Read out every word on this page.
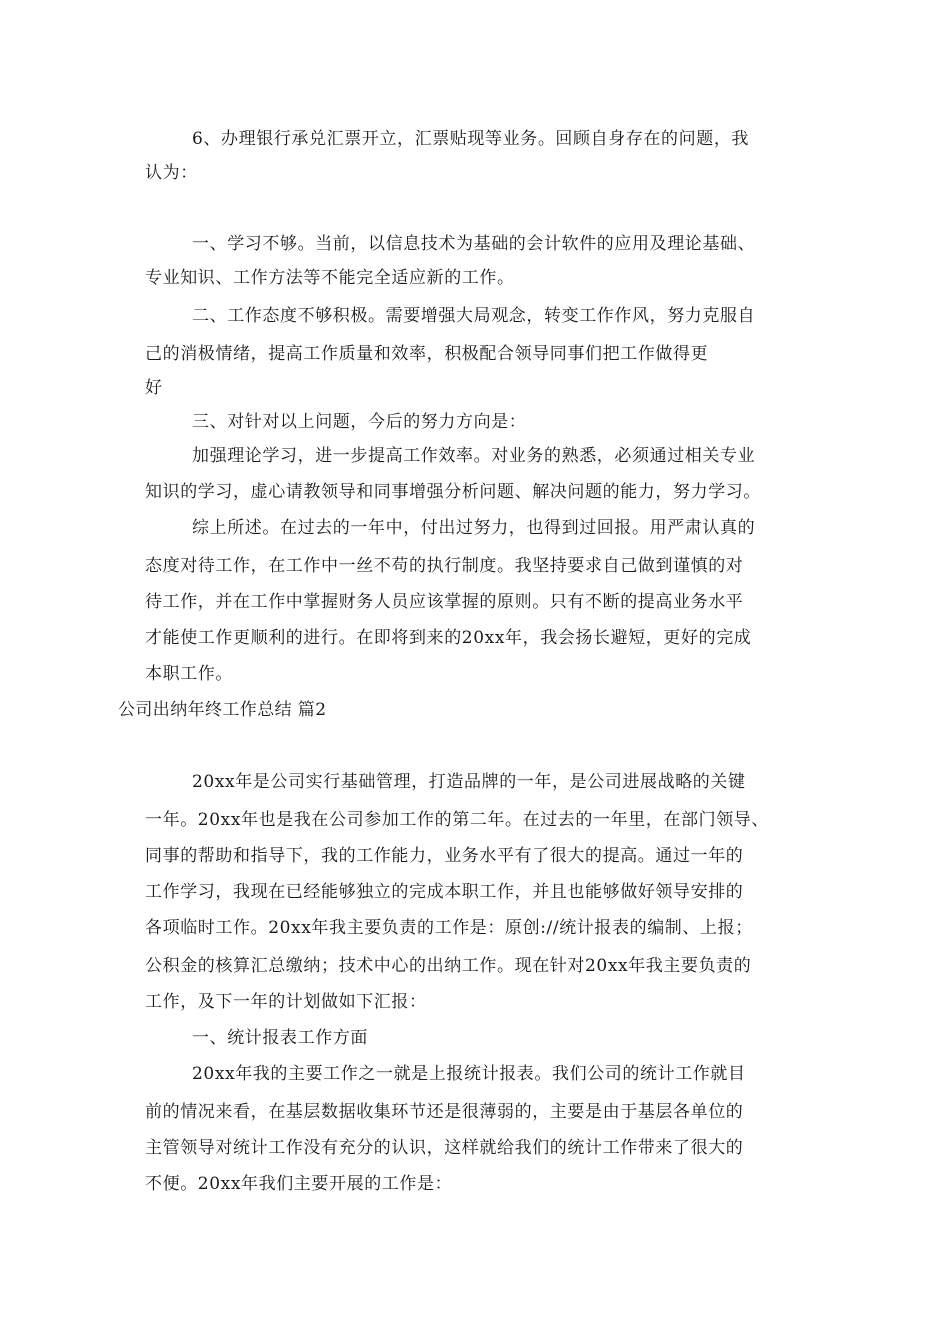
6、办理银行承兑汇票开立，汇票贴现等业务。回顾自身存在的问题，我
认为：
一、学习不够。当前，以信息技术为基础的会计软件的应用及理论基础、
专业知识、工作方法等不能完全适应新的工作。
二、工作态度不够积极。需要增强大局观念，转变工作作风，努力克服自
己的消极情绪，提高工作质量和效率，积极配合领导同事们把工作做得更
好
三、对针对以上问题，今后的努力方向是：
加强理论学习，进一步提高工作效率。对业务的熟悉，必须通过相关专业
知识的学习，虚心请教领导和同事增强分析问题、解决问题的能力，努力学习。
综上所述。在过去的一年中，付出过努力，也得到过回报。用严肃认真的
态度对待工作，在工作中一丝不苟的执行制度。我坚持要求自己做到谨慎的对
待工作，并在工作中掌握财务人员应该掌握的原则。只有不断的提高业务水平
才能使工作更顺利的进行。在即将到来的20xx年，我会扬长避短，更好的完成
本职工作。
公司出纳年终工作总结 篇2
20xx年是公司实行基础管理，打造品牌的一年，是公司进展战略的关键
一年。20xx年也是我在公司参加工作的第二年。在过去的一年里，在部门领导、
同事的帮助和指导下，我的工作能力，业务水平有了很大的提高。通过一年的
工作学习，我现在已经能够独立的完成本职工作，并且也能够做好领导安排的
各项临时工作。20xx年我主要负责的工作是：原创://统计报表的编制、上报；
公积金的核算汇总缴纳；技术中心的出纳工作。现在针对20xx年我主要负责的
工作，及下一年的计划做如下汇报：
一、统计报表工作方面
20xx年我的主要工作之一就是上报统计报表。我们公司的统计工作就目
前的情况来看，在基层数据收集环节还是很薄弱的，主要是由于基层各单位的
主管领导对统计工作没有充分的认识，这样就给我们的统计工作带来了很大的
不便。20xx年我们主要开展的工作是：
